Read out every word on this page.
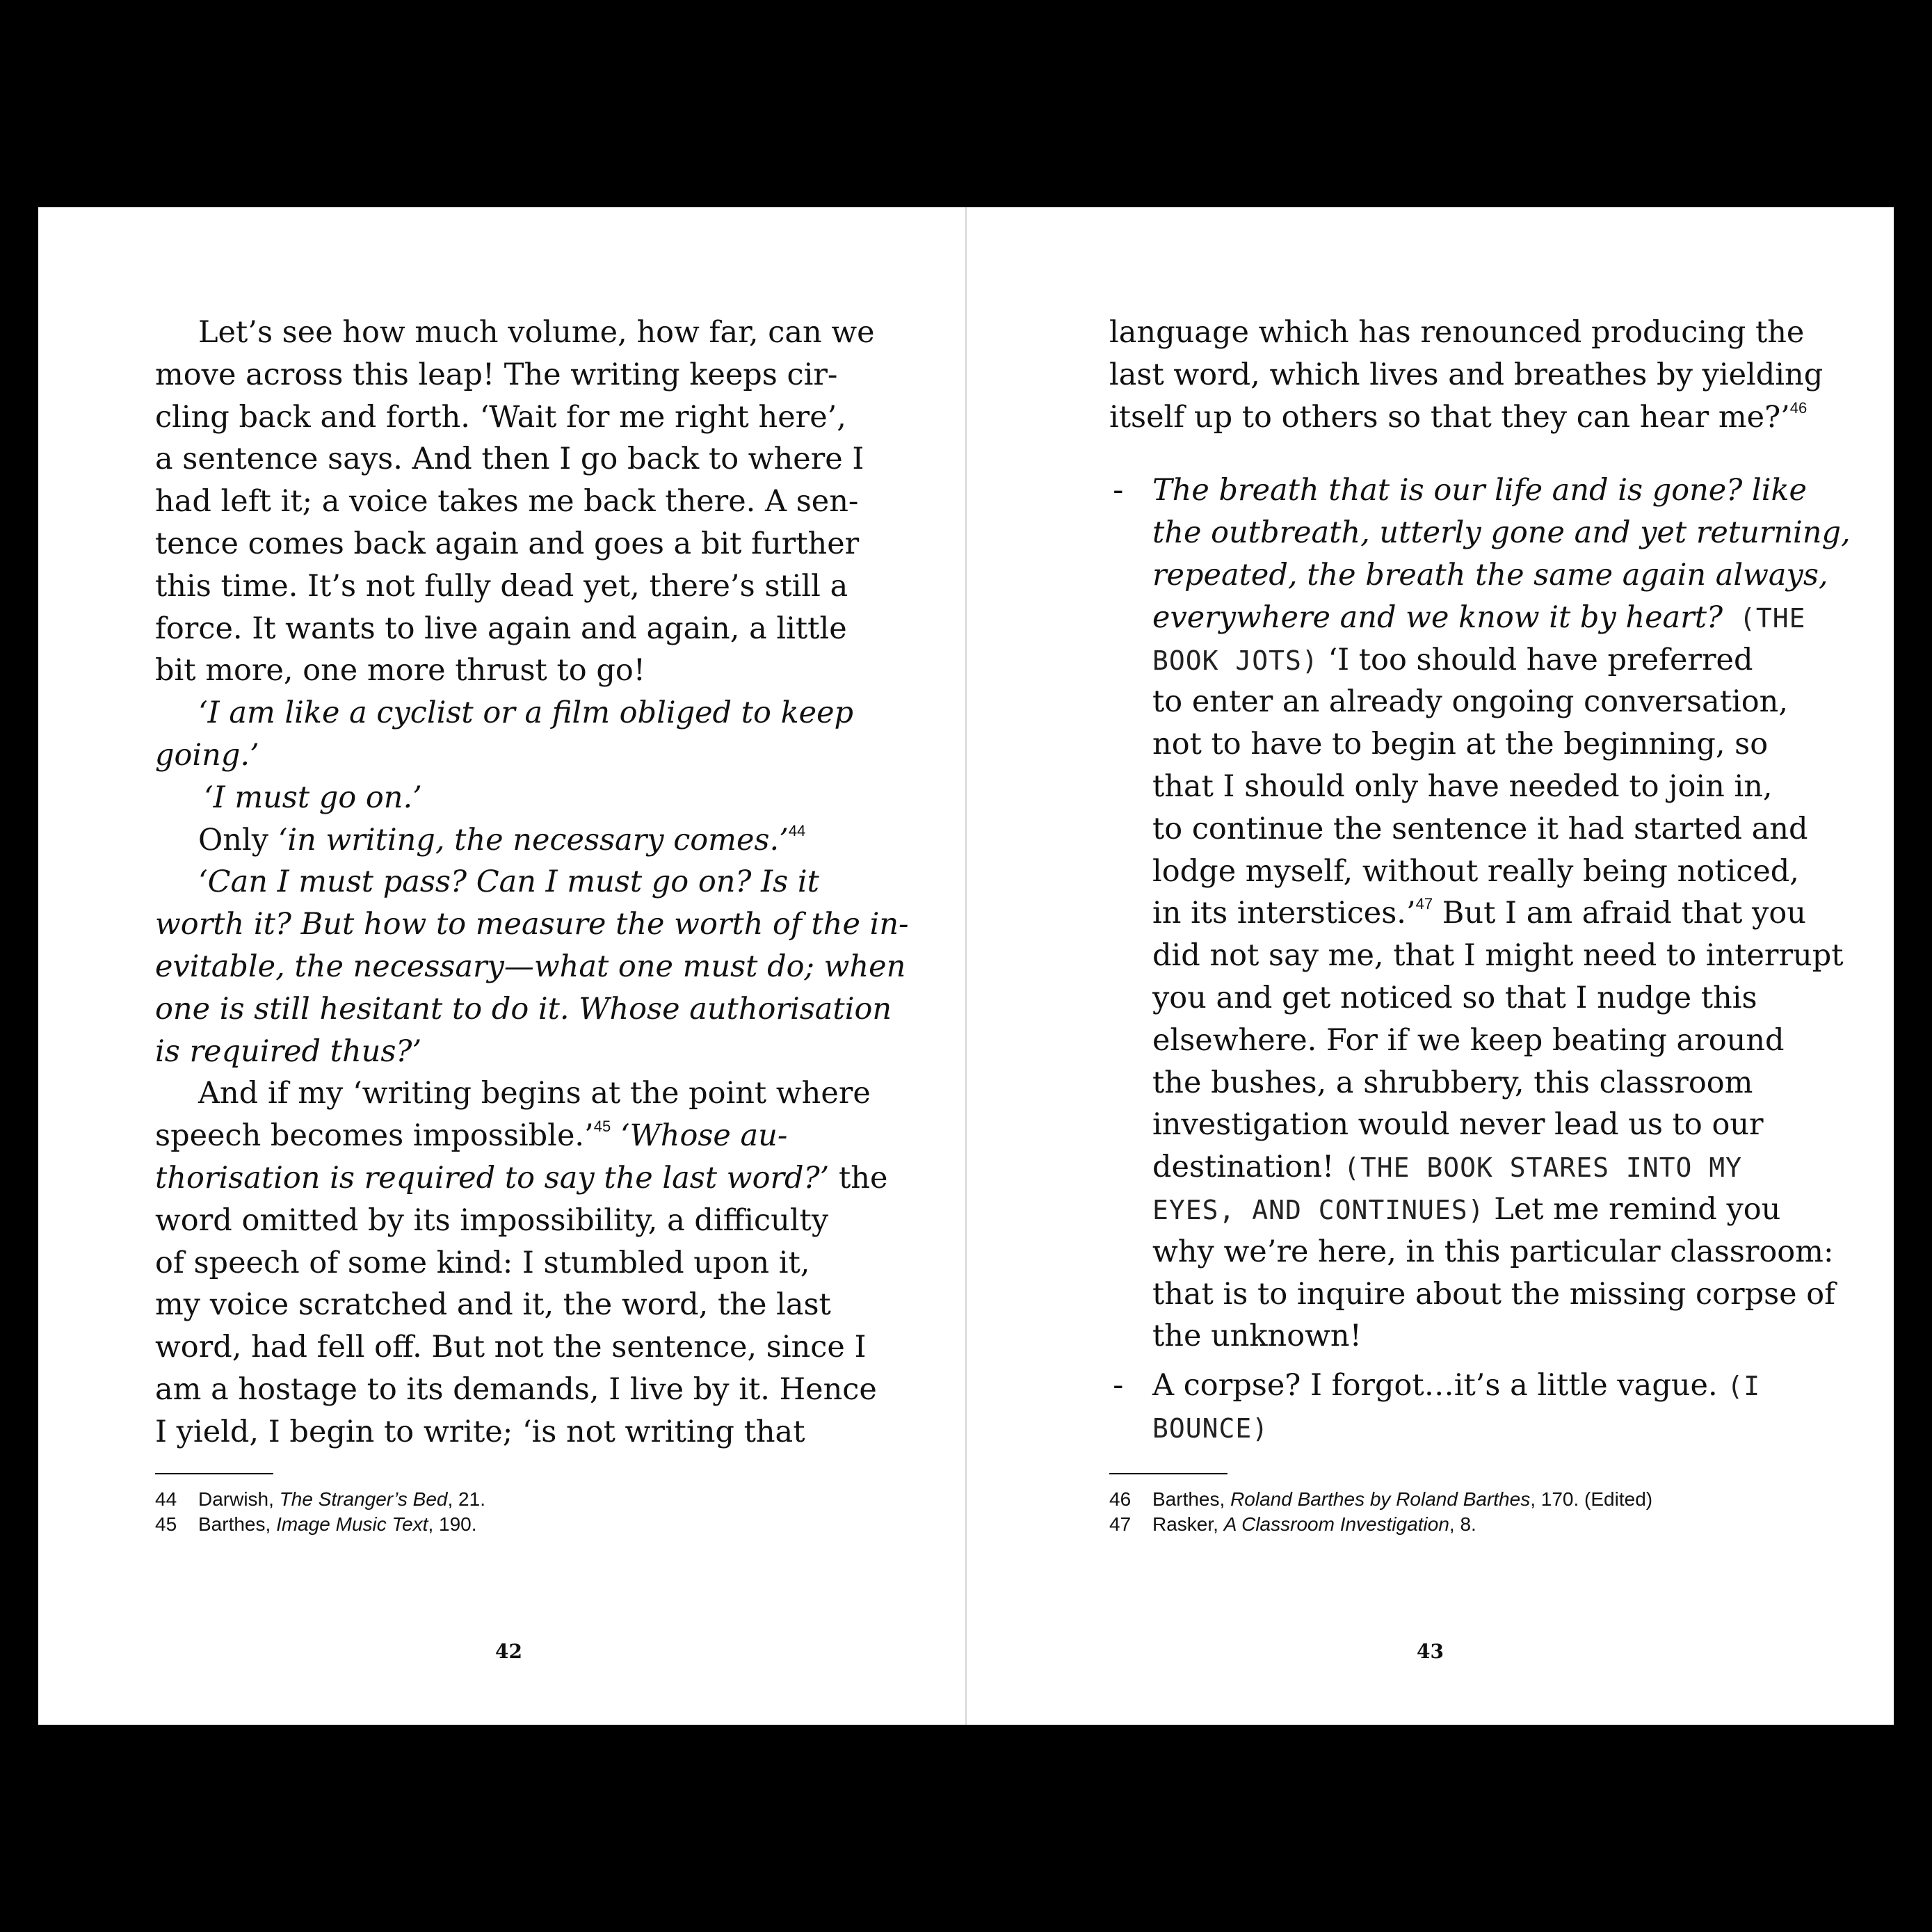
Let’s see how much volume, how far, can we
move across this leap! The writing keeps cir-
cling back and forth. ‘Wait for me right here’,
a sentence says. And then I go back to where I
had left it; a voice takes me back there. A sen-
tence comes back again and goes a bit further
this time. It’s not fully dead yet, there’s still a
force. It wants to live again and again, a little
bit more, one more thrust to go!
‘I am like a cyclist or a film obliged to keep
going.’
‘I must go on.’
Only ‘in writing, the necessary comes.’$^{44}$
‘Can I must pass? Can I must go on? Is it
worth it? But how to measure the worth of the in-
evitable, the necessary—what one must do; when
one is still hesitant to do it. Whose authorisation
is required thus?’
And if my ‘writing begins at the point where
speech becomes impossible.’$^{45}$ ‘Whose au-
thorisation is required to say the last word?’ the
word omitted by its impossibility, a difficulty
of speech of some kind: I stumbled upon it,
my voice scratched and it, the word, the last
word, had fell off. But not the sentence, since I
am a hostage to its demands, I live by it. Hence
I yield, I begin to write; ‘is not writing that
44 Darwish, The Stranger’s Bed, 21.
45 Barthes, Image Music Text, 190.
42
language which has renounced producing the
last word, which lives and breathes by yielding
itself up to others so that they can hear me?’$^{46}$
- The breath that is our life and is gone? like
the outbreath, utterly gone and yet returning,
repeated, the breath the same again always,
everywhere and we know it by heart? (THE
BOOK JOTS) ‘I too should have preferred
to enter an already ongoing conversation,
not to have to begin at the beginning, so
that I should only have needed to join in,
to continue the sentence it had started and
lodge myself, without really being noticed,
in its interstices.’$^{47}$ But I am afraid that you
did not say me, that I might need to interrupt
you and get noticed so that I nudge this
elsewhere. For if we keep beating around
the bushes, a shrubbery, this classroom
investigation would never lead us to our
destination! (THE BOOK STARES INTO MY
EYES, AND CONTINUES) Let me remind you
why we’re here, in this particular classroom:
that is to inquire about the missing corpse of
the unknown!
- A corpse? I forgot…it’s a little vague. (I
BOUNCE)
46 Barthes, Roland Barthes by Roland Barthes, 170. (Edited)
47 Rasker, A Classroom Investigation, 8.
43
